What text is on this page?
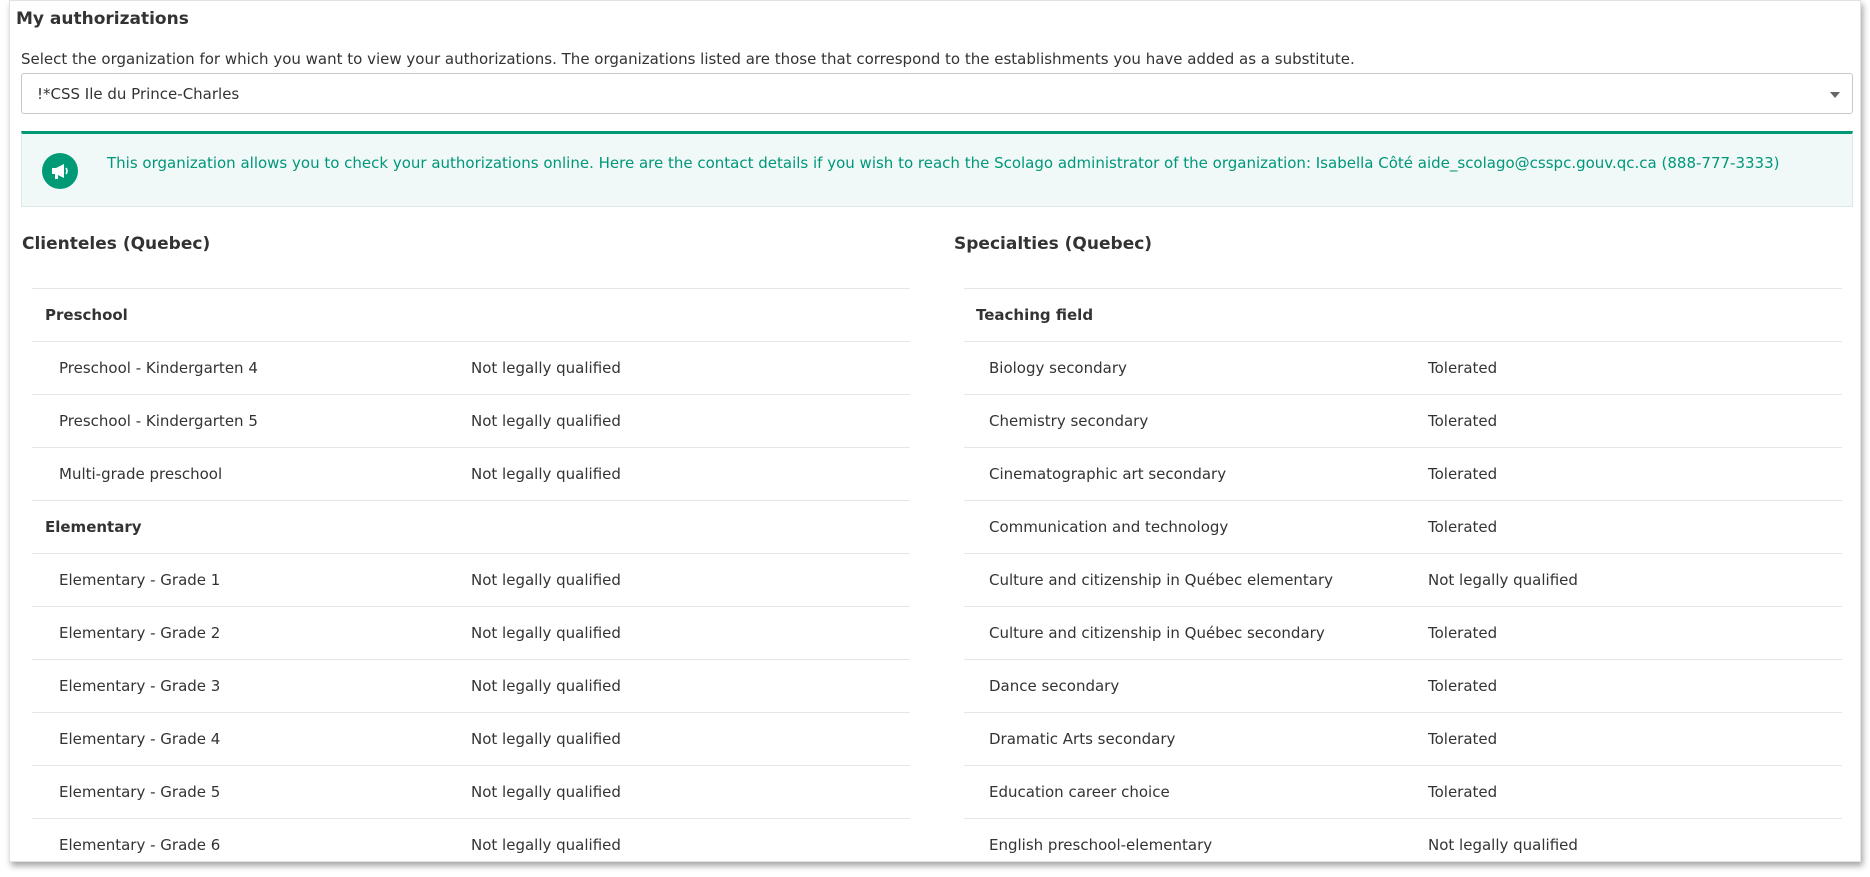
My authorizations
Select the organization for which you want to view your authorizations. The organizations listed are those that correspond to the establishments you have added as a substitute.
!*CSS Ile du Prince-Charles
This organization allows you to check your authorizations online. Here are the contact details if you wish to reach the Scolago administrator of the organization: Isabella Côté aide_scolago@csspc.gouv.qc.ca (888-777-3333)
Clienteles (Quebec)
Preschool
Preschool - Kindergarten 4	Not legally qualified
Preschool - Kindergarten 5	Not legally qualified
Multi-grade preschool	Not legally qualified
Elementary
Elementary - Grade 1	Not legally qualified
Elementary - Grade 2	Not legally qualified
Elementary - Grade 3	Not legally qualified
Elementary - Grade 4	Not legally qualified
Elementary - Grade 5	Not legally qualified
Elementary - Grade 6	Not legally qualified
Specialties (Quebec)
Teaching field
Biology secondary	Tolerated
Chemistry secondary	Tolerated
Cinematographic art secondary	Tolerated
Communication and technology	Tolerated
Culture and citizenship in Québec elementary	Not legally qualified
Culture and citizenship in Québec secondary	Tolerated
Dance secondary	Tolerated
Dramatic Arts secondary	Tolerated
Education career choice	Tolerated
English preschool-elementary	Not legally qualified
